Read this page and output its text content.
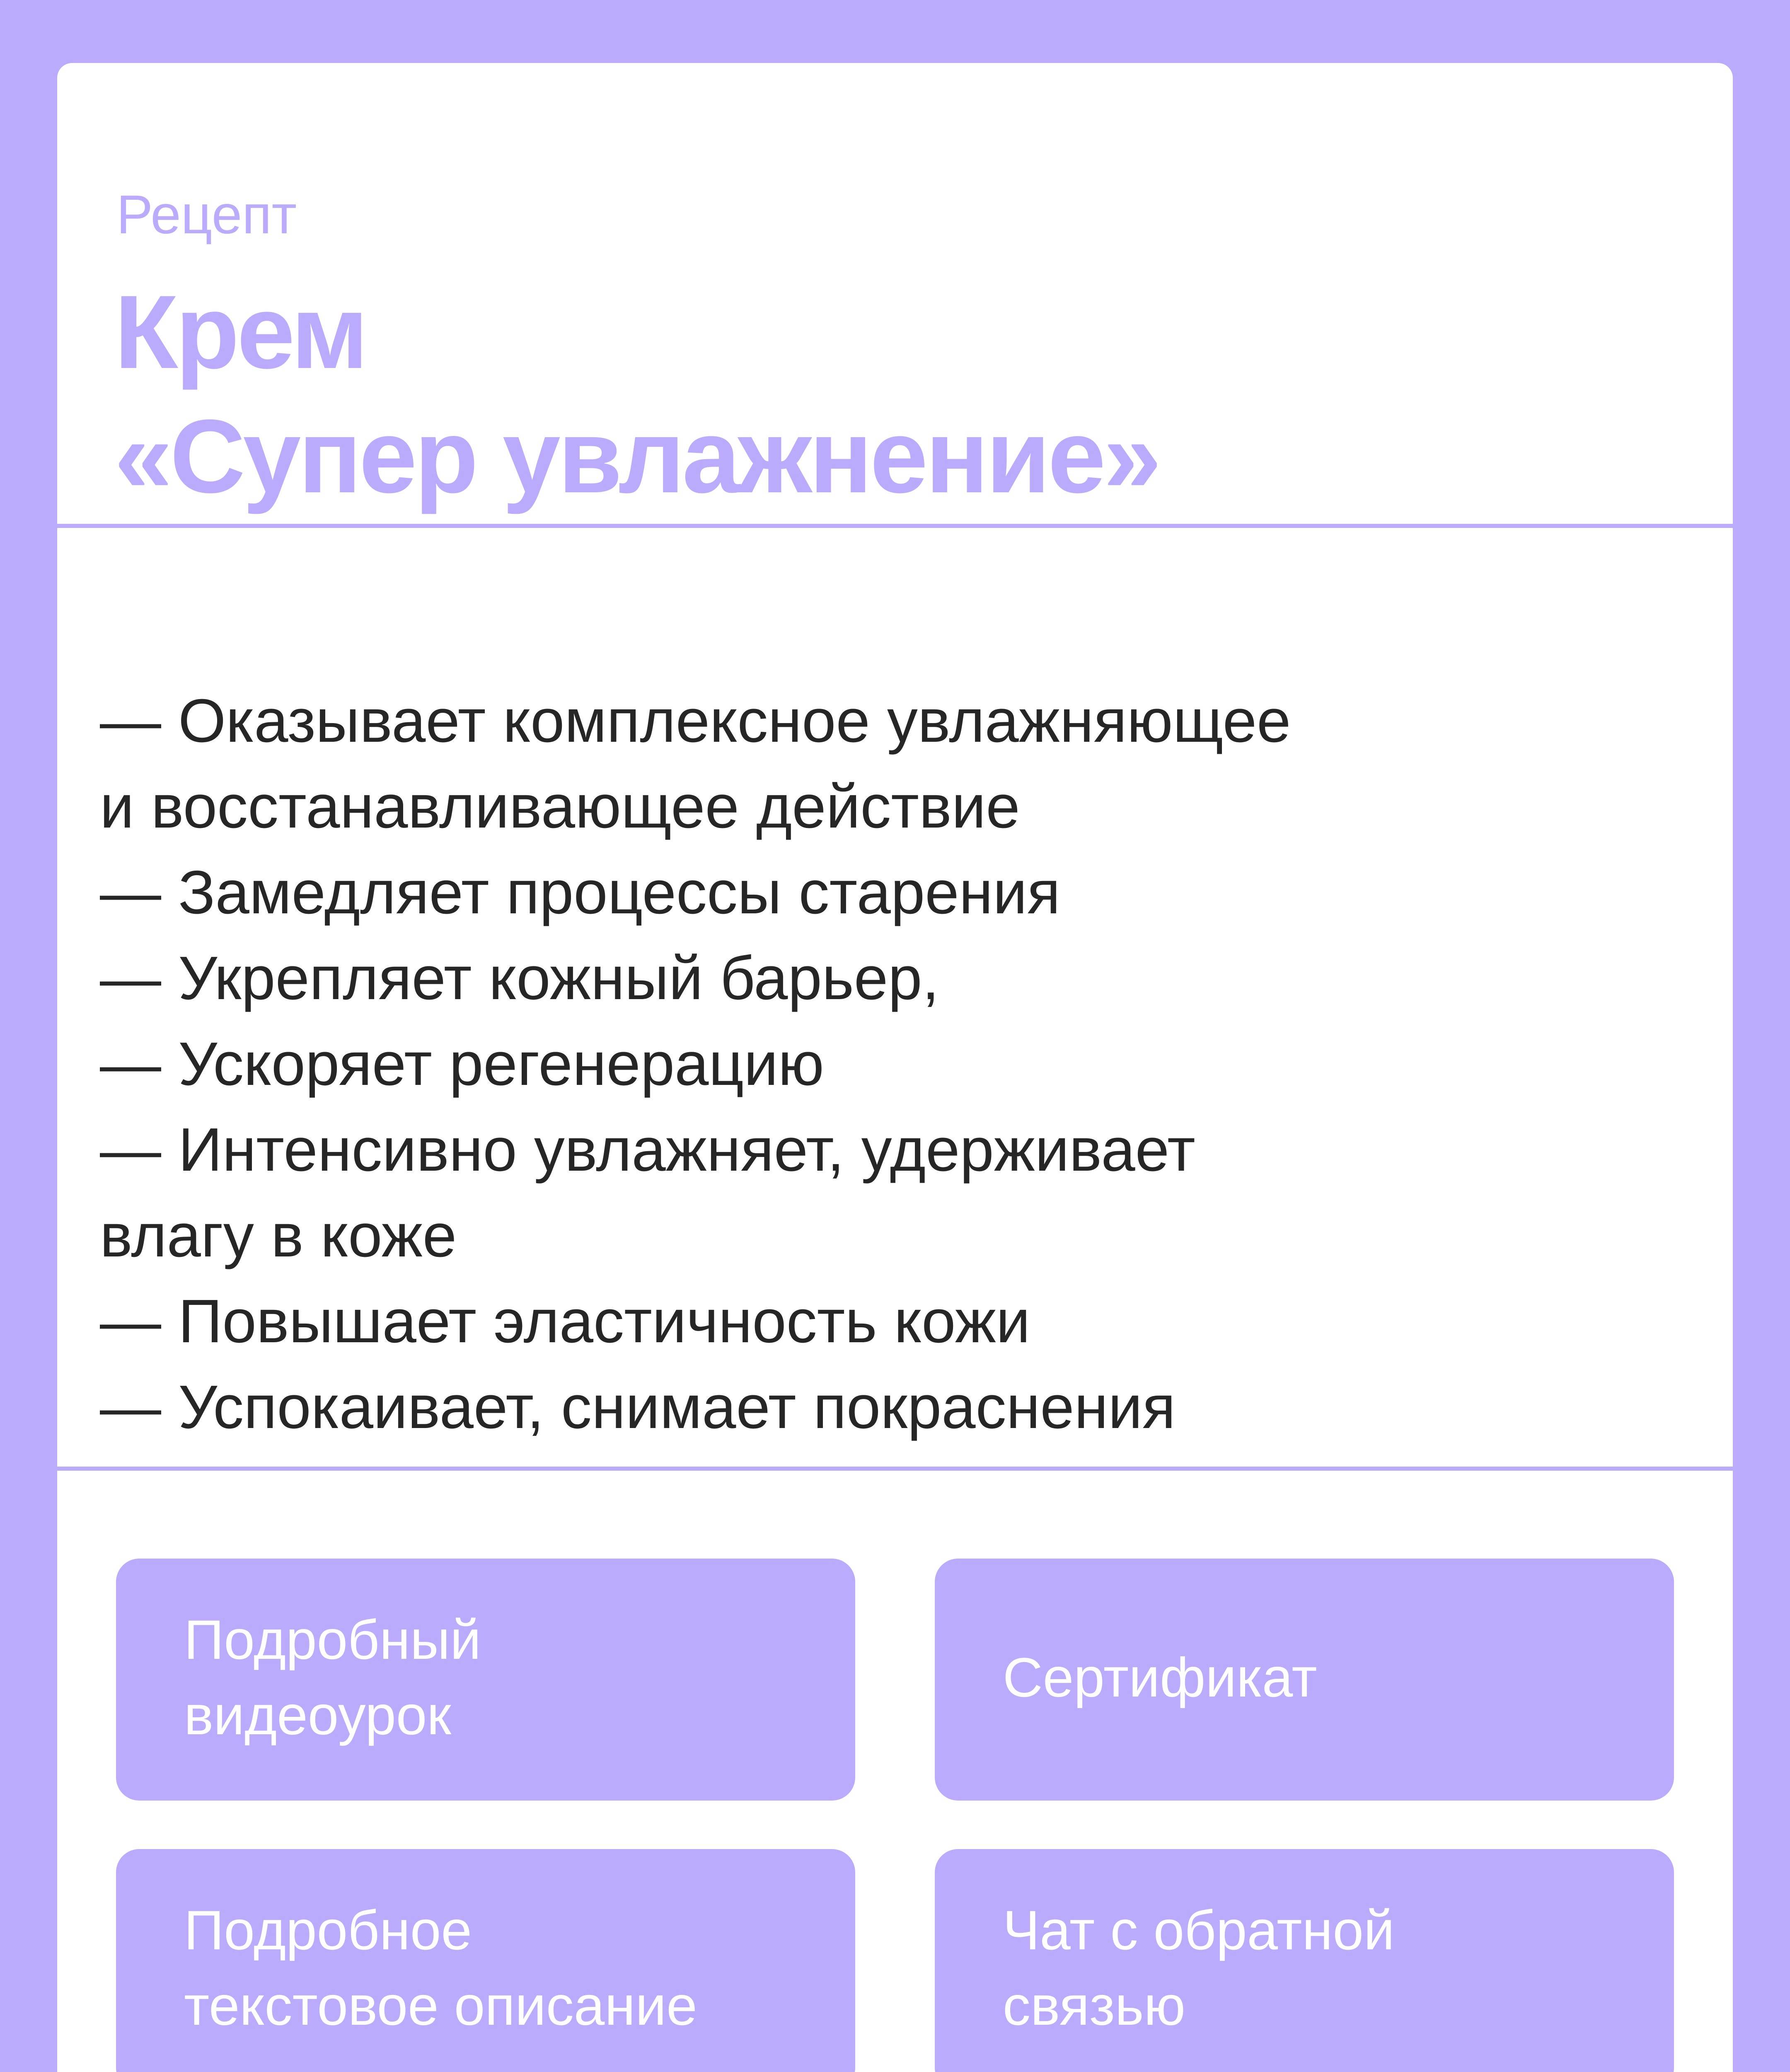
Рецепт
Крем
«Супер увлажнение»
— Оказывает комплексное увлажняющее
и восстанавливающее действие
— Замедляет процессы старения
— Укрепляет кожный барьер,
— Ускоряет регенерацию
— Интенсивно увлажняет, удерживает
влагу в коже
— Повышает эластичность кожи
— Успокаивает, снимает покраснения
Подробный
видеоурок
Сертификат
Подробное
текстовое описание
Чат с обратной
связью
